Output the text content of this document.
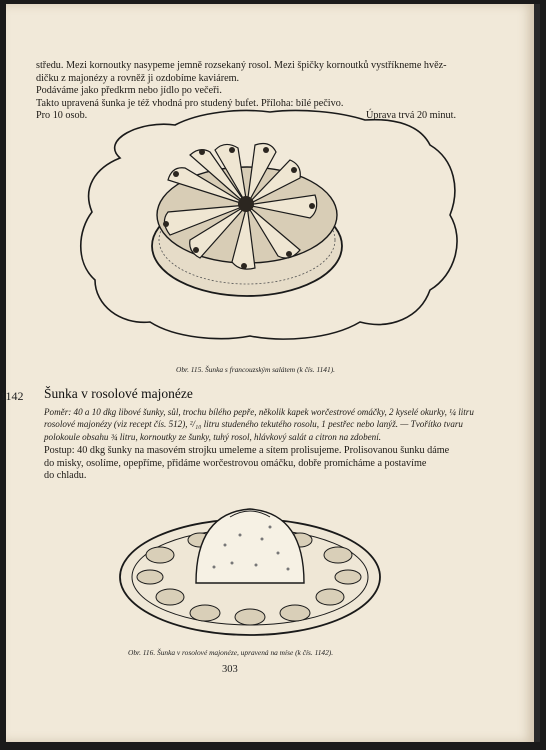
středu. Mezi kornoutky nasypeme jemně rozsekaný rosol. Mezi špičky kornoutků vystříkneme hvěz-
dičku z majonézy a rovněž ji ozdobíme kaviárem.
Podáváme jako předkrm nebo jídlo po večeři.
Takto upravená šunka je též vhodná pro studený bufet. Příloha: bílé pečivo.
Pro 10 osob.	Úprava trvá 20 minut.
Obr. 115. Šunka s francouzským salátem (k čís. 1141).
1142 Šunka v rosolové majonéze
Poměr: 40 a 10 dkg libové šunky, sůl, trochu bílého pepře, několik kapek worčestrové omáčky, 2 kyselé okurky, ¼ litru
rosolové majonézy (viz recept čís. 512), ²/₁₀ litru studeného tekutého rosolu, 1 pestřec nebo lanýž. — Tvořítko tvaru
polokoule obsahu ¾ litru, kornoutky ze šunky, tuhý rosol, hlávkový salát a citron na zdobení.
Postup: 40 dkg šunky na masovém strojku umeleme a sítem prolisujeme. Prolisovanou šunku dáme
do misky, osolíme, opepříme, přidáme worčestrovou omáčku, dobře promícháme a postavíme
do chladu.
Obr. 116. Šunka v rosolové majonéze, upravená na míse (k čís. 1142).
303
